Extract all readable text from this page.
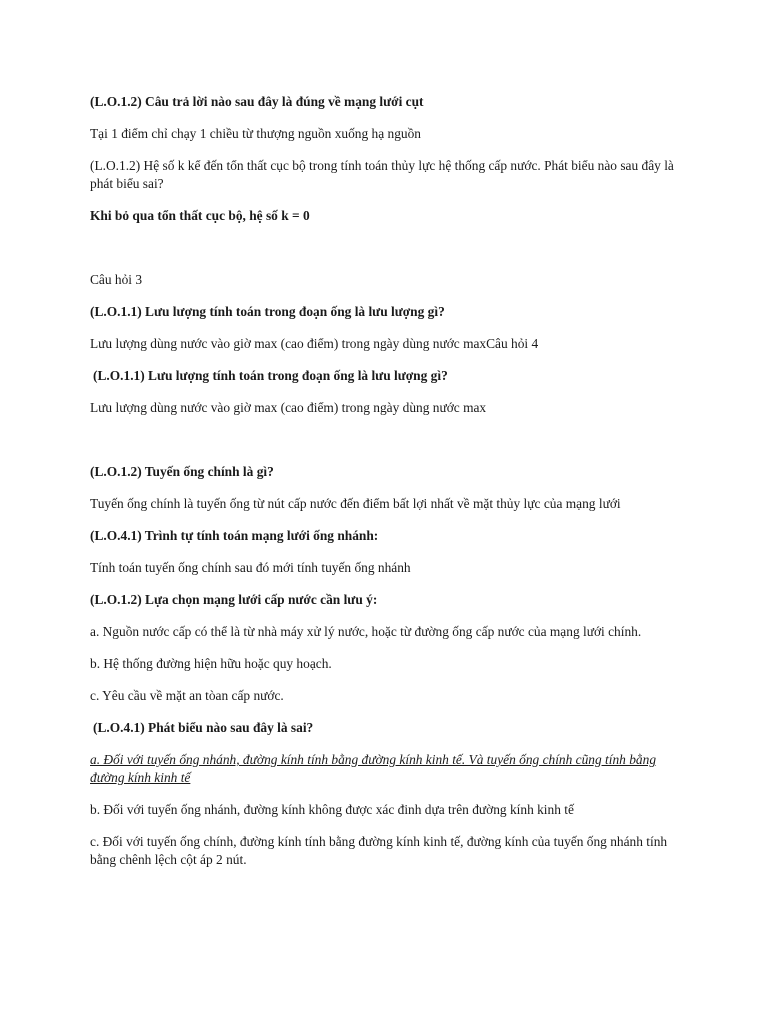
(L.O.1.2) Câu trả lời nào sau đây là đúng về mạng lưới cụt

Tại 1 điểm chỉ chạy 1 chiều từ thượng nguồn xuống hạ nguồn

(L.O.1.2) Hệ số k kể đến tổn thất cục bộ trong tính toán thủy lực hệ thống cấp nước. Phát biểu nào sau đây là phát biểu sai?

Khi bỏ qua tổn thất cục bộ, hệ số k = 0

Câu hỏi 3

(L.O.1.1) Lưu lượng tính toán trong đoạn ống là lưu lượng gì?

Lưu lượng dùng nước vào giờ max (cao điểm) trong ngày dùng nước maxCâu hỏi 4

(L.O.1.1) Lưu lượng tính toán trong đoạn ống là lưu lượng gì?

Lưu lượng dùng nước vào giờ max (cao điểm) trong ngày dùng nước max

(L.O.1.2) Tuyến ống chính là gì?

Tuyến ống chính là tuyến ống từ nút cấp nước đến điểm bất lợi nhất về mặt thủy lực của mạng lưới

(L.O.4.1) Trình tự tính toán mạng lưới ống nhánh:

Tính toán tuyến ống chính sau đó mới tính tuyến ống nhánh

(L.O.1.2) Lựa chọn mạng lưới cấp nước cần lưu ý:

a. Nguồn nước cấp có thể là từ nhà máy xử lý nước, hoặc từ đường ống cấp nước của mạng lưới chính.

b. Hệ thống đường hiện hữu hoặc quy hoạch.

c. Yêu cầu về mặt an tòan cấp nước.

(L.O.4.1) Phát biểu nào sau đây là sai?

a. Đối với tuyến ống nhánh, đường kính tính bằng đường kính kinh tế. Và tuyến ống chính cũng tính bằng đường kính kinh tế

b. Đối với tuyến ống nhánh, đường kính không được xác đinh dựa trên đường kính kinh tế

c. Đối với tuyến ống chính, đường kính tính bằng đường kính kinh tế, đường kính của tuyến ống nhánh tính bằng chênh lệch cột áp 2 nút.
